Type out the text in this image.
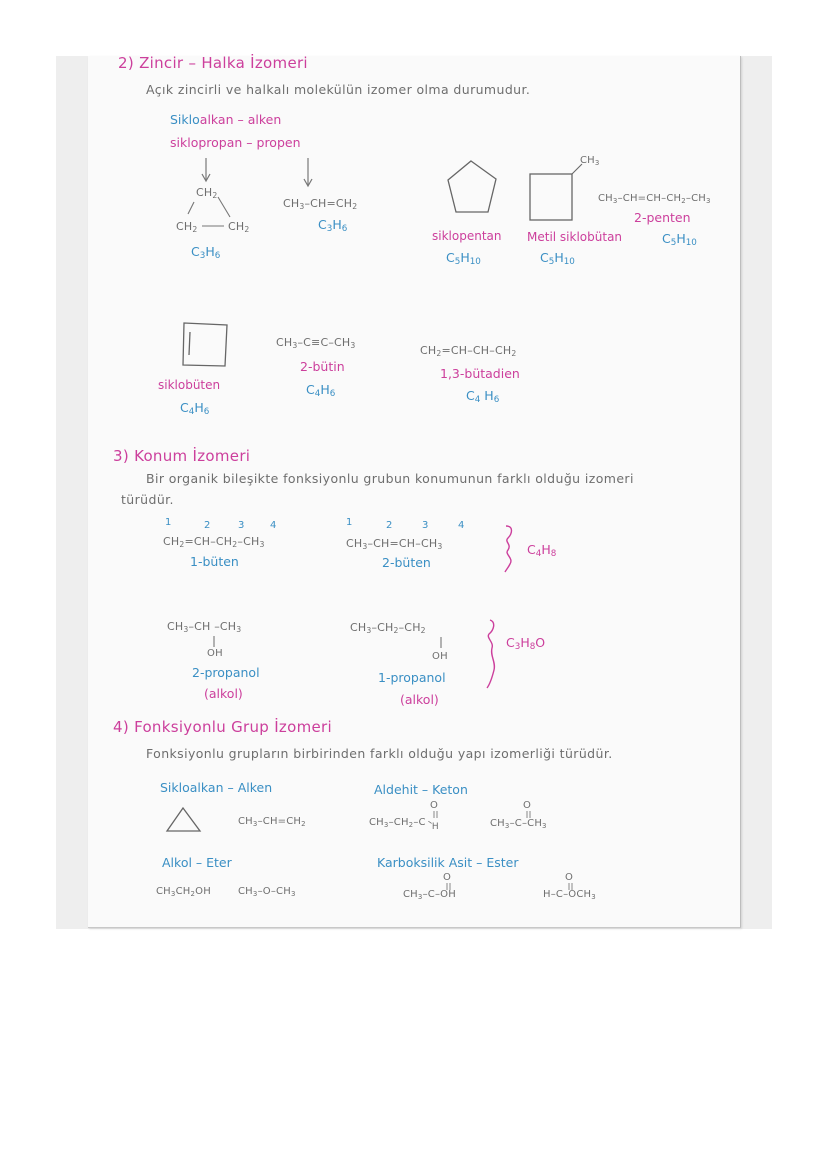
2) Zincir – Halka İzomeri
Açık zincirli ve halkalı molekülün izomer olma durumudur.
Sikloalkan – alken
siklopropan – propen
$CH_2$
$CH_2$	$CH_2$
$C_3H_6$
$CH_3-CH=CH_2$
$C_3H_6$	siklopentan
$C_5H_{10}$
$CH_3$
Metil siklobütan
$C_5H_{10}$
$CH_3-CH=CH-CH_2-CH_3$
2-penten
$C_5H_{10}$
siklobüten
$C_4H_6$
$CH_3-C\equiv C-CH_3$
2-bütin
$C_4H_6$
$CH_2=CH-CH-CH_2$
1,3-bütadien
$C_4$ $H_6$
3) Konum İzomeri
Bir organik bileşikte fonksiyonlu grubun konumunun farklı olduğu izomeri
türüdür.
1	2	3	4
$CH_2=CH-CH_2-CH_3$
1-büten
1	2	3	4
$CH_3-CH=CH-CH_3$
2-büten
$C_4H_8$
$CH_3-CH$ $-CH_3$
OH
2-propanol
(alkol)
$CH_3-CH_2-CH_2$
OH
1-propanol
(alkol)
$C_3H_8O$
4) Fonksiyonlu Grup İzomeri
Fonksiyonlu grupların birbirinden farklı olduğu yapı izomerliği türüdür.
Sikloalkan – Alken
$CH_3-CH=CH_2$
Aldehit – Keton
O
$CH_3-CH_2-C-H$
O
$CH_3-C-CH_3$
Alkol – Eter
$CH_3CH_2OH$	$CH_3-O-CH_3$
Karboksilik Asit – Ester
O
$CH_3-C-OH$
O
$H-C-OCH_3$
